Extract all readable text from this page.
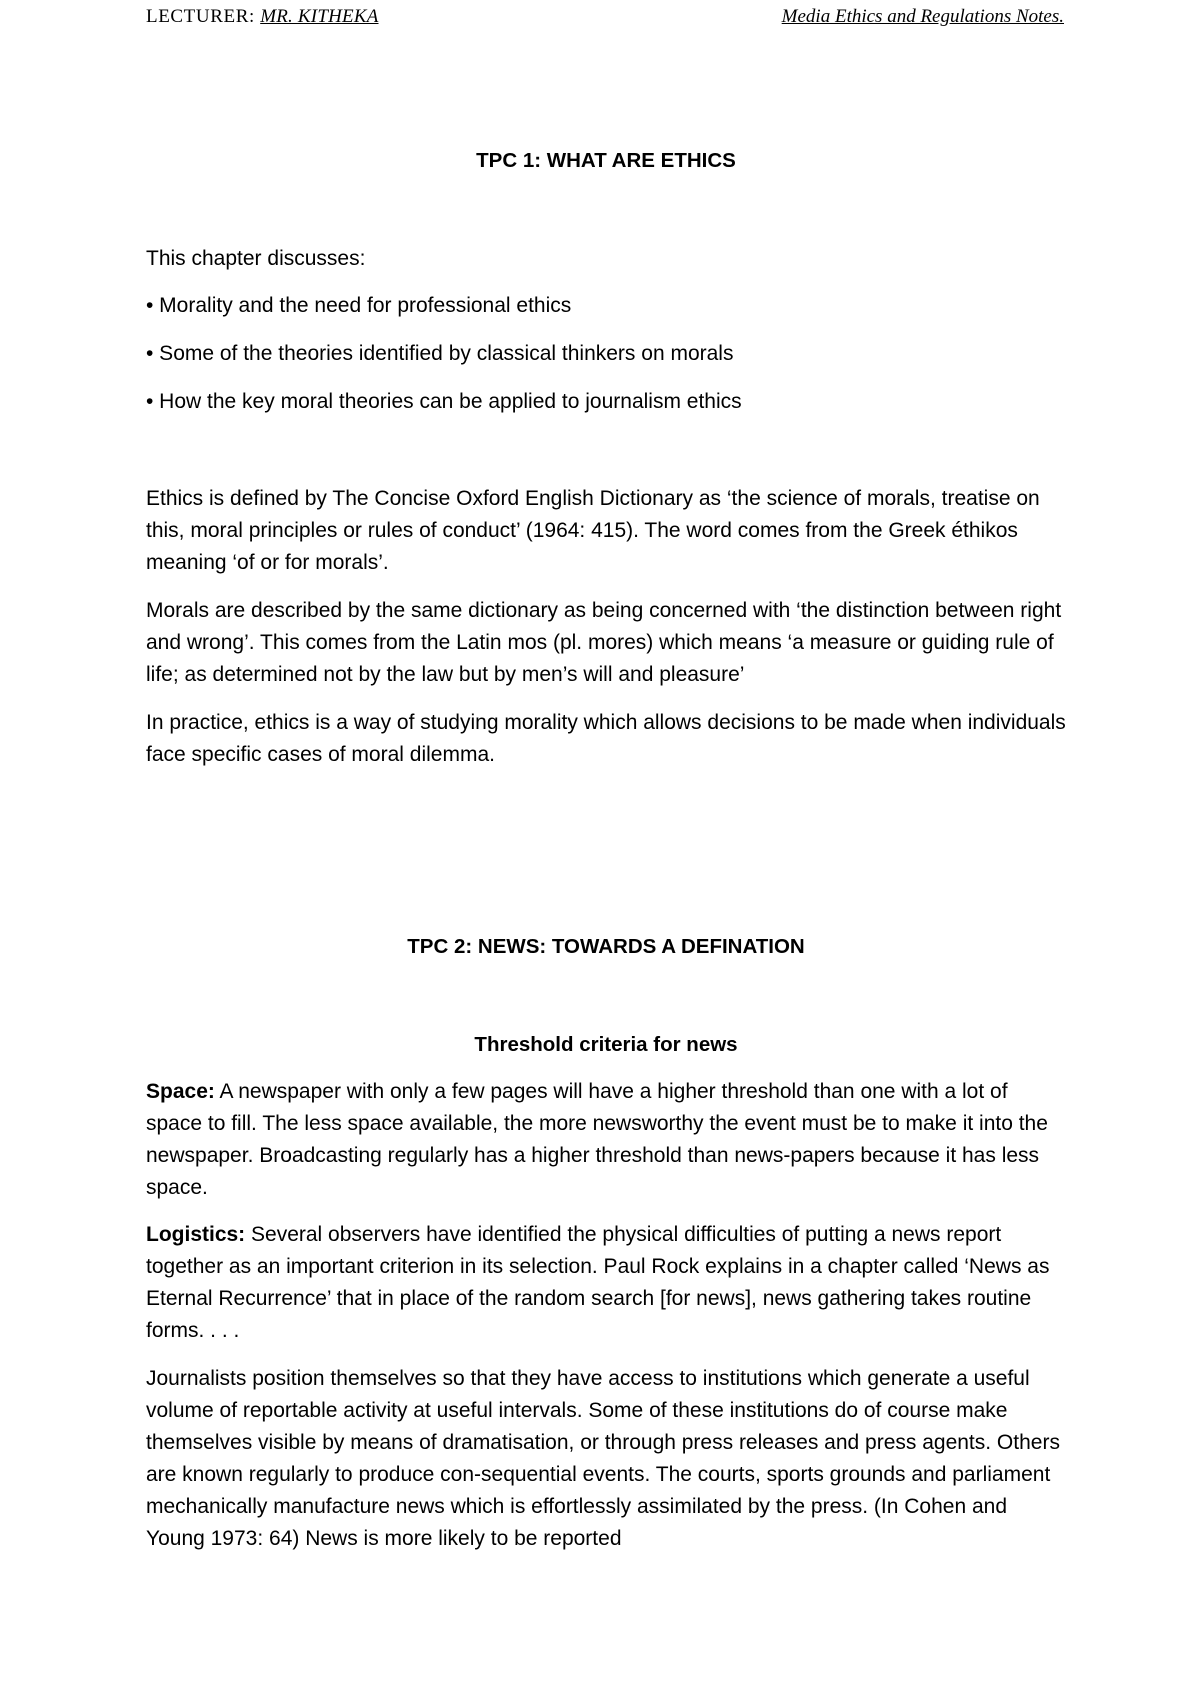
LECTURER: MR. KITHEKA	Media Ethics and Regulations Notes.
TPC 1: WHAT ARE ETHICS

This chapter discusses:

• Morality and the need for professional ethics

• Some of the theories identified by classical thinkers on morals

• How the key moral theories can be applied to journalism ethics

Ethics is defined by The Concise Oxford English Dictionary as ‘the science of morals, treatise on this, moral principles or rules of conduct’ (1964: 415). The word comes from the Greek éthikos meaning ‘of or for morals’.

Morals are described by the same dictionary as being concerned with ‘the distinction between right and wrong’. This comes from the Latin mos (pl. mores) which means ‘a measure or guiding rule of life; as determined not by the law but by men’s will and pleasure’

In practice, ethics is a way of studying morality which allows decisions to be made when individuals face specific cases of moral dilemma.

TPC 2: NEWS: TOWARDS A DEFINATION
Threshold criteria for news

Space: A newspaper with only a few pages will have a higher threshold than one with a lot of space to fill. The less space available, the more newsworthy the event must be to make it into the newspaper. Broadcasting regularly has a higher threshold than news-papers because it has less space.

Logistics: Several observers have identified the physical difficulties of putting a news report together as an important criterion in its selection. Paul Rock explains in a chapter called ‘News as Eternal Recurrence’ that in place of the random search [for news], news gathering takes routine forms. . . .

Journalists position themselves so that they have access to institutions which generate a useful volume of reportable activity at useful intervals. Some of these institutions do of course make themselves visible by means of dramatisation, or through press releases and press agents. Others are known regularly to produce con-sequential events. The courts, sports grounds and parliament mechanically manufacture news which is effortlessly assimilated by the press. (In Cohen and Young 1973: 64) News is more likely to be reported
